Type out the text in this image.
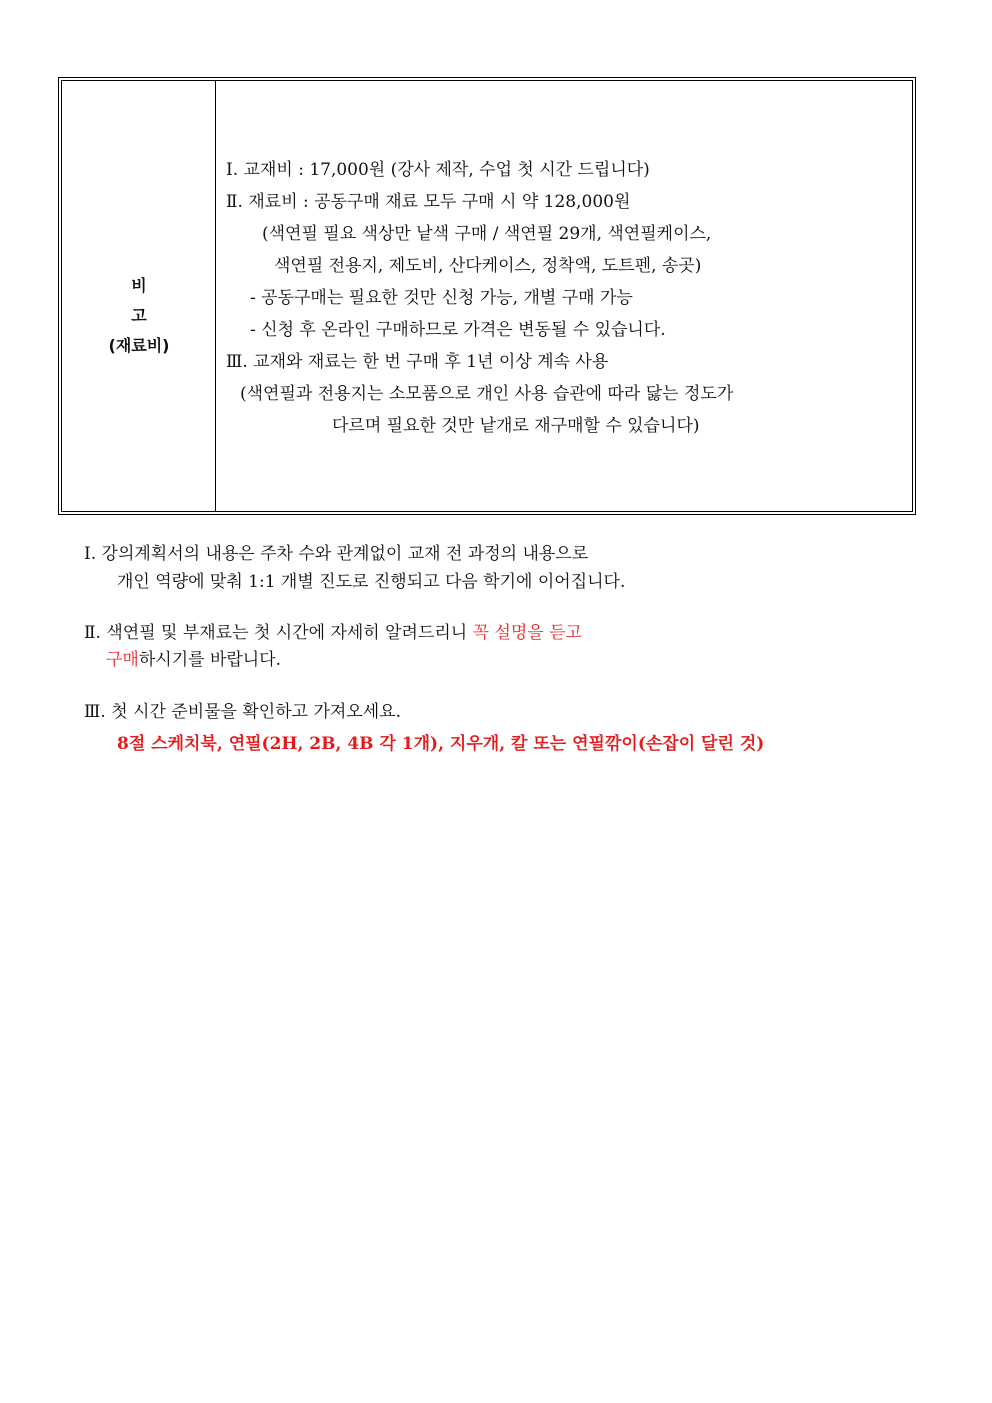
비 고
(재료비)
Ⅰ. 교재비 : 17,000원 (강사 제작, 수업 첫 시간 드립니다)
Ⅱ. 재료비 : 공동구매 재료 모두 구매 시 약 128,000원
(색연필 필요 색상만 낱색 구매 / 색연필 29개, 색연필케이스,
색연필 전용지, 제도비, 산다케이스, 정착액, 도트펜, 송곳)
- 공동구매는 필요한 것만 신청 가능, 개별 구매 가능
- 신청 후 온라인 구매하므로 가격은 변동될 수 있습니다.
Ⅲ. 교재와 재료는 한 번 구매 후 1년 이상 계속 사용
(색연필과 전용지는 소모품으로 개인 사용 습관에 따라 닳는 정도가
다르며 필요한 것만 낱개로 재구매할 수 있습니다)
Ⅰ. 강의계획서의 내용은 주차 수와 관계없이 교재 전 과정의 내용으로
개인 역량에 맞춰 1:1 개별 진도로 진행되고 다음 학기에 이어집니다.
Ⅱ. 색연필 및 부재료는 첫 시간에 자세히 알려드리니 꼭 설명을 듣고
구매하시기를 바랍니다.
Ⅲ. 첫 시간 준비물을 확인하고 가져오세요.
8절 스케치북, 연필(2H, 2B, 4B 각 1개), 지우개, 칼 또는 연필깎이(손잡이 달린 것)
